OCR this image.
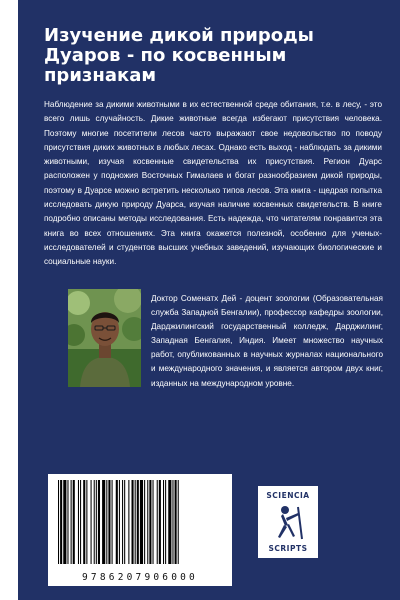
Изучение дикой природы Дуаров - по косвенным признакам

Наблюдение за дикими животными в их естественной среде обитания, т.е. в лесу, - это всего лишь случайность. Дикие животные всегда избегают присутствия человека. Поэтому многие посетители лесов часто выражают свое недовольство по поводу присутствия диких животных в любых лесах. Однако есть выход - наблюдать за дикими животными, изучая косвенные свидетельства их присутствия. Регион Дуарс расположен у подножия Восточных Гималаев и богат разнообразием дикой природы, поэтому в Дуарсе можно встретить несколько типов лесов. Эта книга - щедрая попытка исследовать дикую природу Дуарса, изучая наличие косвенных свидетельств. В книге подробно описаны методы исследования. Есть надежда, что читателям понравится эта книга во всех отношениях. Эта книга окажется полезной, особенно для ученых-исследователей и студентов высших учебных заведений, изучающих биологические и социальные науки.

Доктор Соменатх Дей - доцент зоологии (Образовательная служба Западной Бенгалии), профессор кафедры зоологии, Дарджилингский государственный колледж, Дарджилинг, Западная Бенгалия, Индия. Имеет множество научных работ, опубликованных в научных журналах национального и международного значения, и является автором двух книг, изданных на международном уровне.

9786207906000
SCIENCIA
SCRIPTS
